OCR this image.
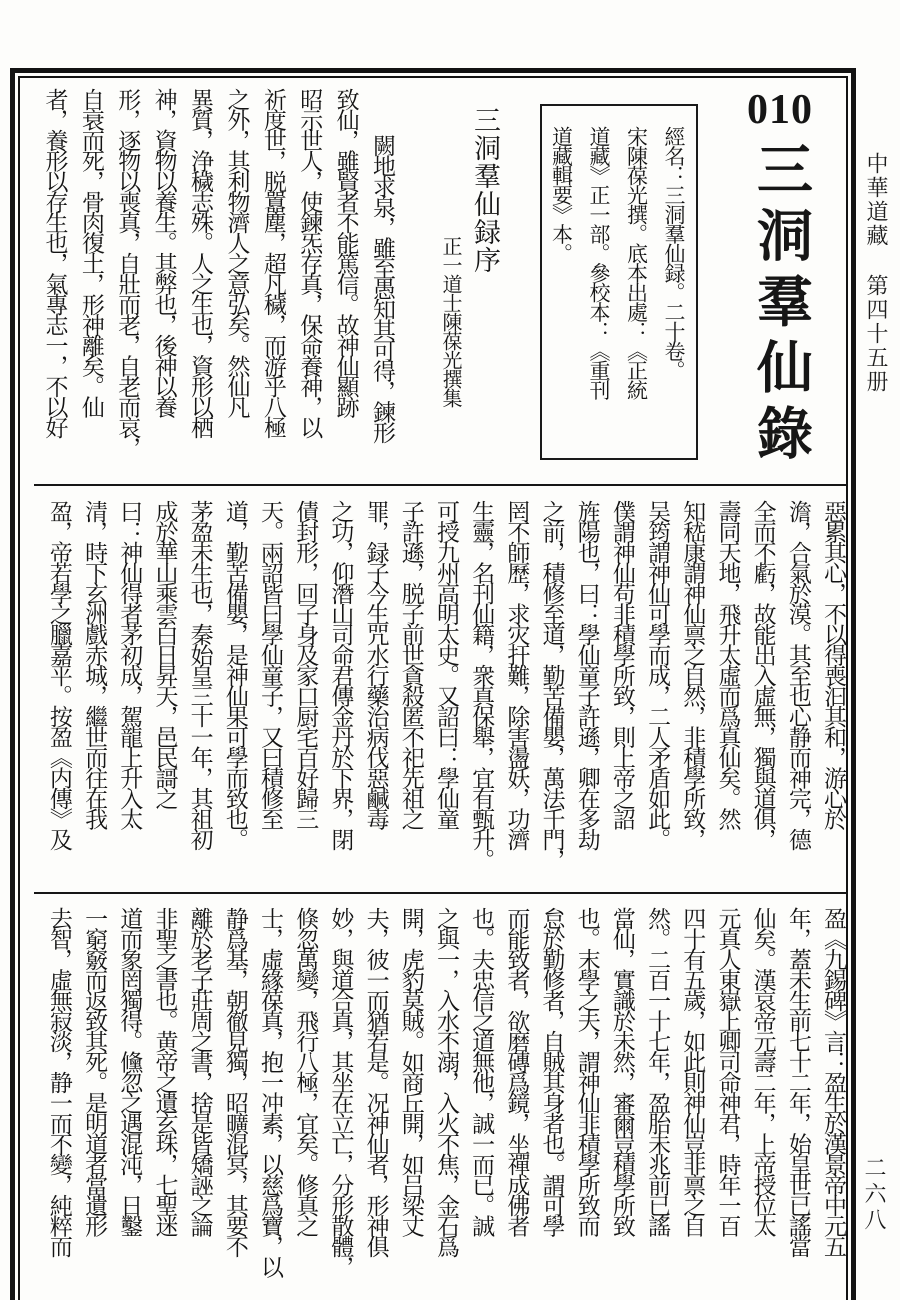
中華道藏第四十五册
二六八
010
三洞羣仙錄
經名：三洞羣仙録。二十卷。
宋陳葆光撰。底本出處：《正統
道藏》正一部。參校本：《重刊
道藏輯要》本。
三洞羣仙録序
正一道士陳葆光撰集
闕地求泉，雖至愚知其可得，鍊形
致仙，雖賢者不能篤信。故神仙顯跡
昭示世人，使鍊炁存真，保命養神，以
祈度世，脱囂塵，超凡穢，而游乎八極
之外，其利物濟人之意弘矣。然仙凡
異質，浄穢志殊。人之生也，資形以栖
神，資物以養生。其弊也，後神以養
形，逐物以喪真，自壯而老，自老而哀，
自衰而死，骨肉復土，形神離矣。仙
者，養形以存生也，氣專志一，不以好
惡累其心，不以得喪汩其和，游心於
澹，合氣於漠。其至也心静而神完，德
全而不虧，故能出入虛無，獨與道俱，
壽同天地，飛升太虛而爲真仙矣。然
知嵇康謂神仙禀之自然，非積學所致，
吴筠謂神仙可學而成，二人矛盾如此。
僕謂神仙苟非積學所致，則上帝之詔
旌陽也，曰：學仙童子許遜，卿在多劫
之前，積修至道，勤苦備嬰，萬法千門，
罔不師歷，求灾扞難，除害盪妖，功濟
生靈，名刊仙籍，衆真保舉，宜有甄升。
可授九州高明太史。又詔曰：學仙童
子許遜，脱子前世貪殺匿不祀先祖之
罪，録子今生咒水行藥治病伐惡鹹毒
之功，仰潛山司命君傳金丹於下界，閉
債封形，回子身及家口厨宅百好歸三
天。兩詔皆曰學仙童子，又曰積修至
道，勤苦備嬰，是神仙果可學而致也。
茅盈未生也，秦始皇三十一年，其祖初
成於華山乘雲白日昇天，邑民謌之
曰：神仙得者茅初成，駕龍上升入太
清，時下玄洲戲赤城，繼世而往在我
盈，帝若學之臘嘉平。按盈《内傳》及
盈《九錫碑》言：盈生於漢景帝中元五
年，蓋未生前七十二年，始皇世已謠當
仙矣。漢哀帝元壽二年，上帝授位太
元真人東嶽上卿司命神君，時年一百
四十有五歲，如此則神仙豈非禀之自
然。二百一十七年，盈胎未兆前已謠
當仙，實識於未然，審爾豈積學所致
也。末學之夫，謂神仙非積學所致而
怠於勤修者，自賊其身者也。謂可學
而能致者，欲磨磚爲鏡，坐禪成佛者
也。夫忠信之道無他，誠一而已。誠
之與一，入水不溺，入火不焦，金石爲
開，虎豹莫賊。如商丘開，如吕梁丈
夫，彼一而猶若是。况神仙者，形神俱
妙，與道合真，其坐在立亡，分形散體，
倏忽萬變，飛行八極，宜矣。修真之
士，虛緣葆真，抱一冲素，以慈爲寶，以
静爲基，朝徹見獨，昭曠混冥，其要不
離於老子莊周之書，捨是皆矯誣之論
非聖之書也。黄帝之遺玄珠，七聖迷
道而象罔獨得。儵忽之遇混沌，日鑿
一窮竅而返致其死。是明道者當遺形
去智，虛無寂淡，静一而不變，純粹而
